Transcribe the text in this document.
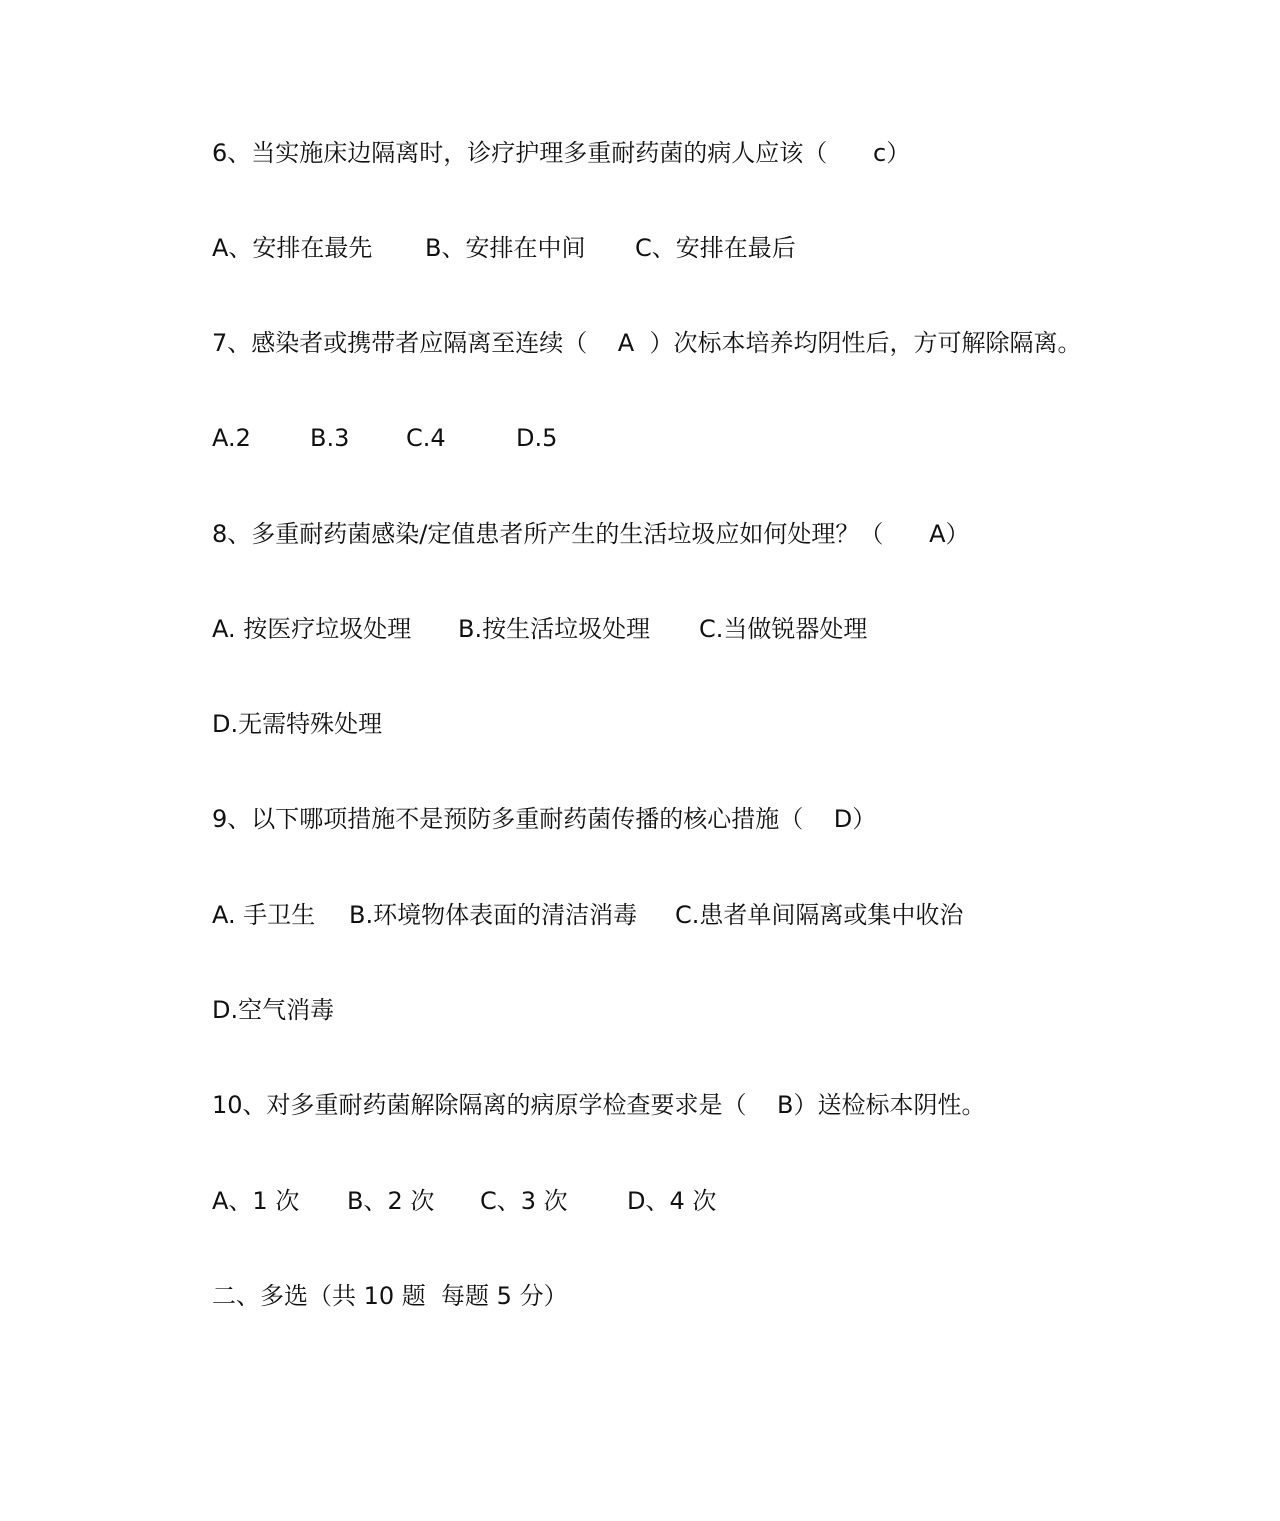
6、当实施床边隔离时，诊疗护理多重耐药菌的病人应该（      c）
A、安排在最先 B、安排在中间 C、安排在最后
7、感染者或携带者应隔离至连续（    A  ）次标本培养均阴性后，方可解除隔离。
A.2 B.3 C.4	D.5
8、多重耐药菌感染/定值患者所产生的生活垃圾应如何处理？（      A）
A. 按医疗垃圾处理 B.按生活垃圾处理 C.当做锐器处理
D.无需特殊处理
9、以下哪项措施不是预防多重耐药菌传播的核心措施（    D）
A. 手卫生 B.环境物体表面的清洁消毒 C.患者单间隔离或集中收治
D.空气消毒
10、对多重耐药菌解除隔离的病原学检查要求是（    B）送检标本阴性。
A、1 次 B、2 次 C、3 次 D、4 次
二、多选（共 10 题  每题 5 分）
